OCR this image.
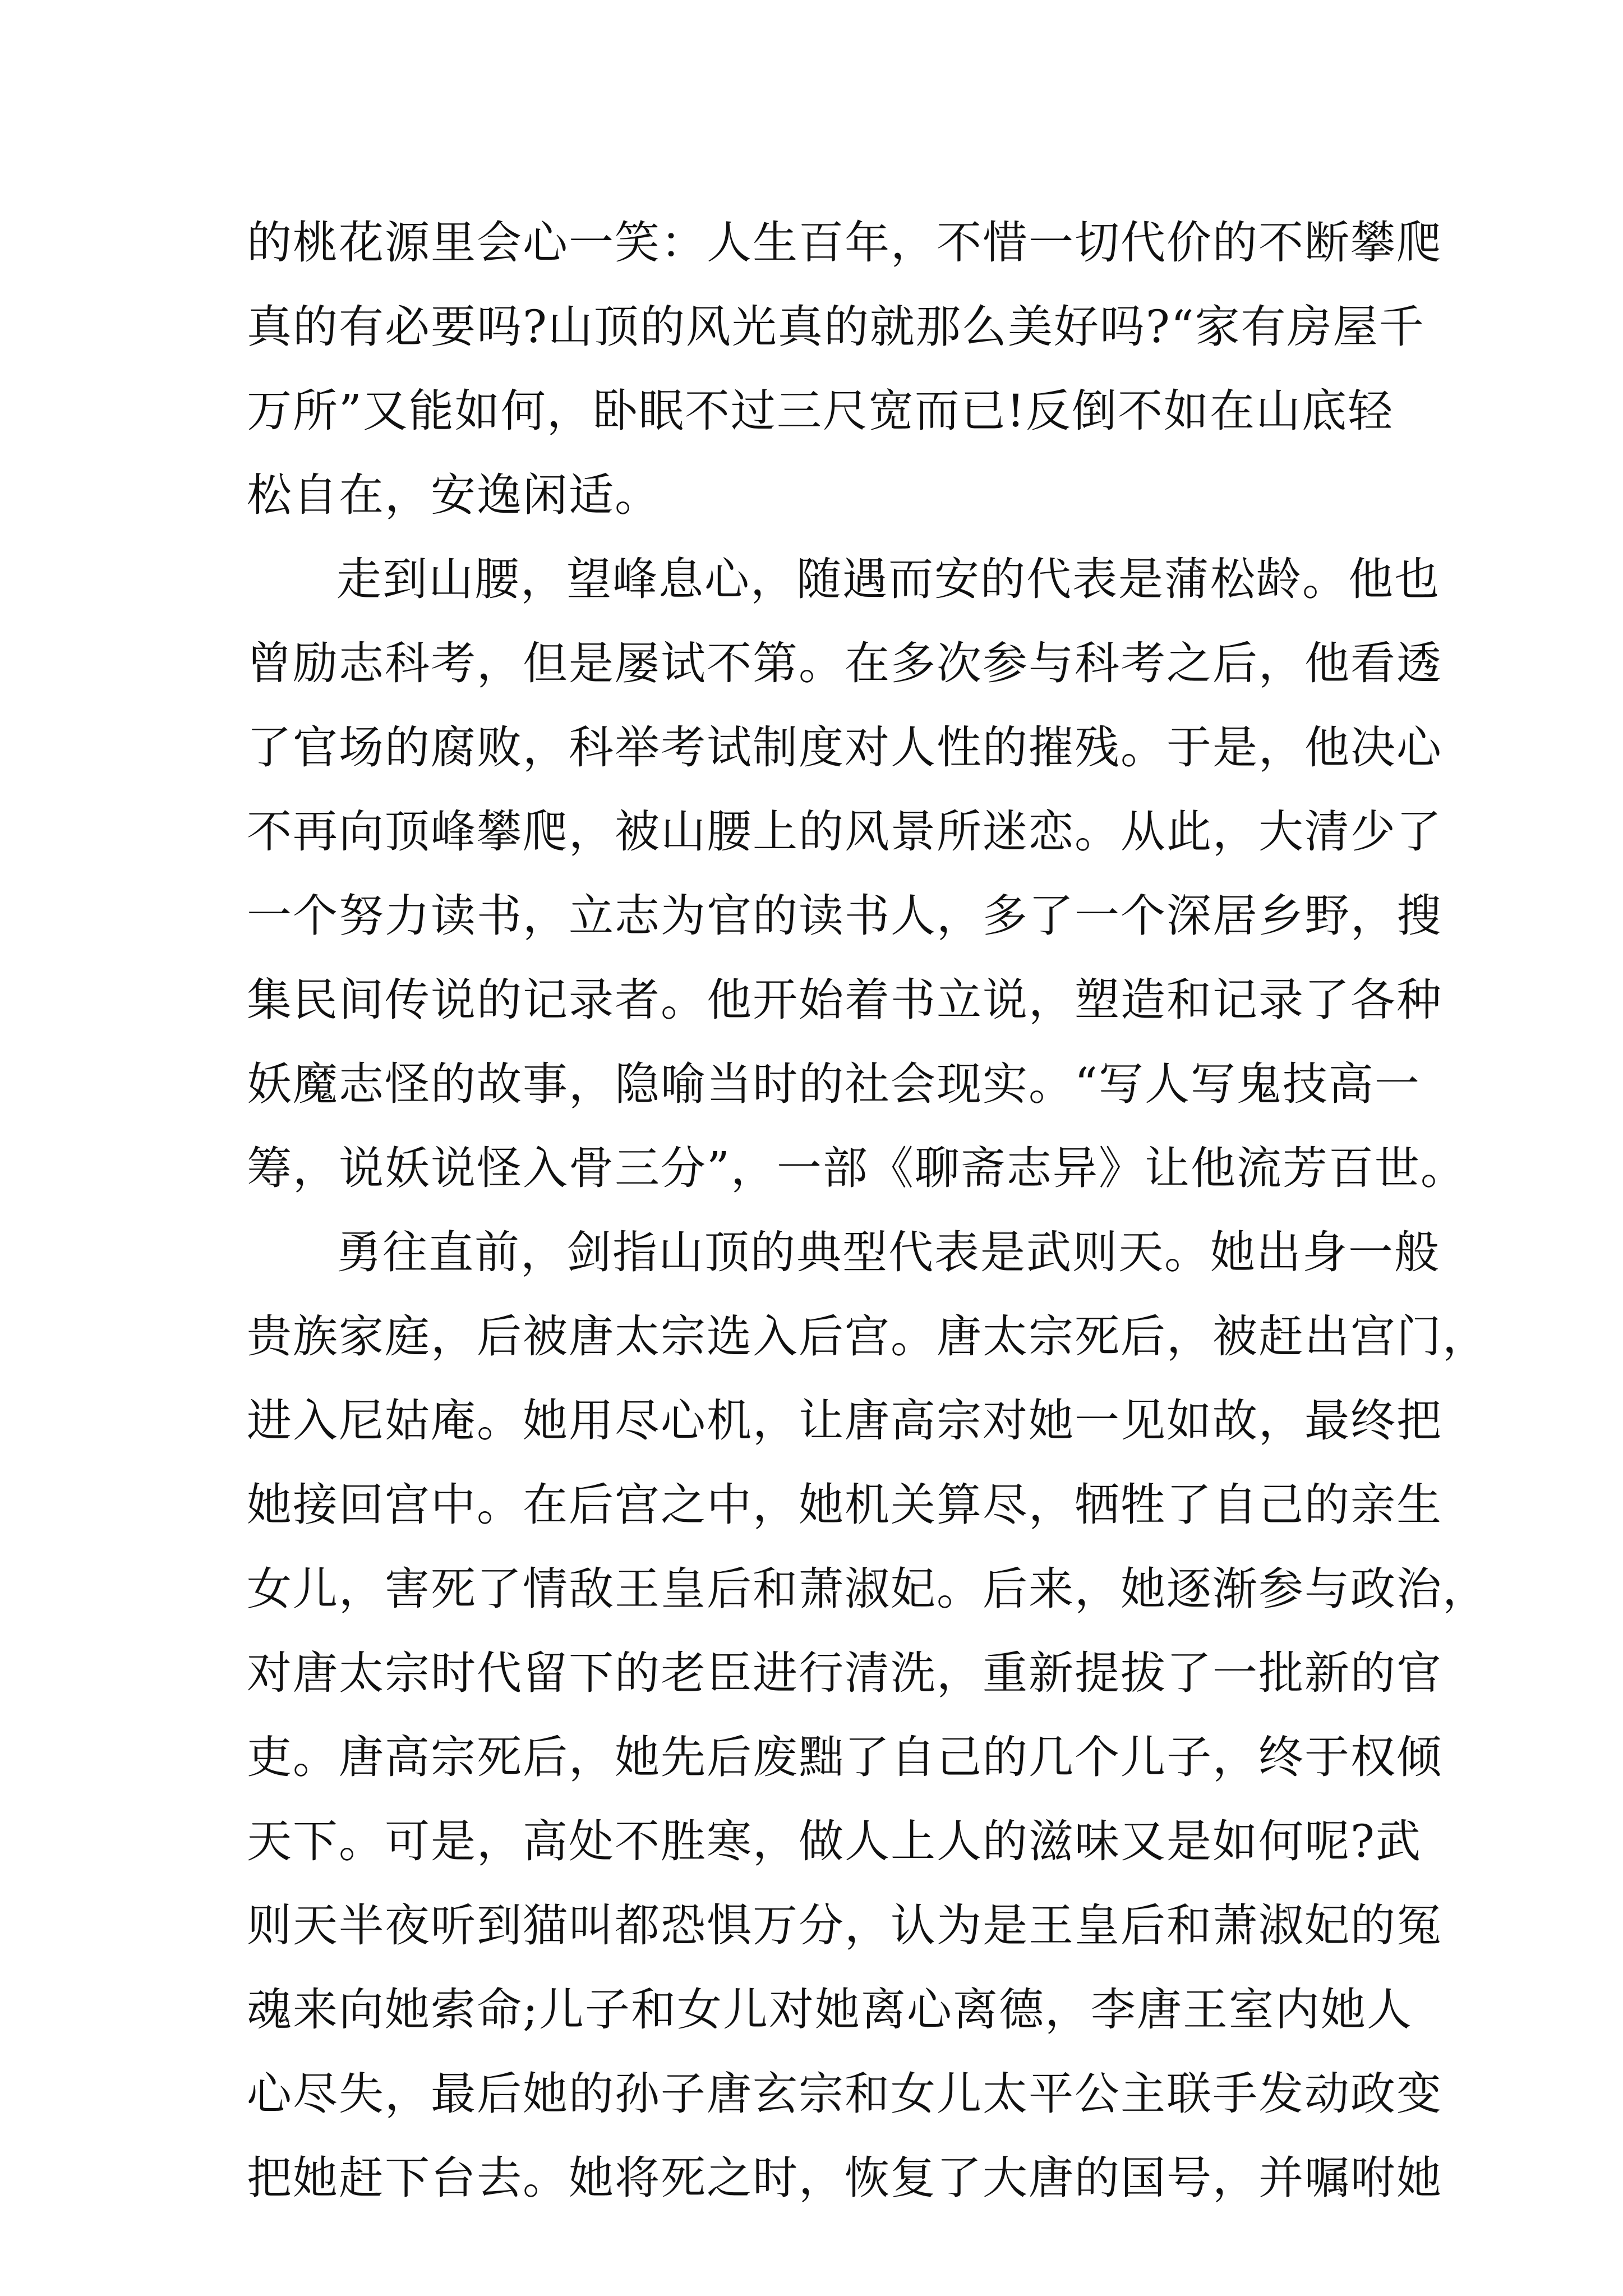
的桃花源里会心一笑：人生百年，不惜一切代价的不断攀爬
真的有必要吗?山顶的风光真的就那么美好吗?“家有房屋千
万所”又能如何，卧眠不过三尺宽而已!反倒不如在山底轻
松自在，安逸闲适。
走到山腰，望峰息心，随遇而安的代表是蒲松龄。他也
曾励志科考，但是屡试不第。在多次参与科考之后，他看透
了官场的腐败，科举考试制度对人性的摧残。于是，他决心
不再向顶峰攀爬，被山腰上的风景所迷恋。从此，大清少了
一个努力读书，立志为官的读书人，多了一个深居乡野，搜
集民间传说的记录者。他开始着书立说，塑造和记录了各种
妖魔志怪的故事，隐喻当时的社会现实。“写人写鬼技高一
筹，说妖说怪入骨三分”，一部《聊斋志异》让他流芳百世。
勇往直前，剑指山顶的典型代表是武则天。她出身一般
贵族家庭，后被唐太宗选入后宫。唐太宗死后，被赶出宫门，
进入尼姑庵。她用尽心机，让唐高宗对她一见如故，最终把
她接回宫中。在后宫之中，她机关算尽，牺牲了自己的亲生
女儿，害死了情敌王皇后和萧淑妃。后来，她逐渐参与政治，
对唐太宗时代留下的老臣进行清洗，重新提拔了一批新的官
吏。唐高宗死后，她先后废黜了自己的几个儿子，终于权倾
天下。可是，高处不胜寒，做人上人的滋味又是如何呢?武
则天半夜听到猫叫都恐惧万分，认为是王皇后和萧淑妃的冤
魂来向她索命;儿子和女儿对她离心离德，李唐王室内她人
心尽失，最后她的孙子唐玄宗和女儿太平公主联手发动政变
把她赶下台去。她将死之时，恢复了大唐的国号，并嘱咐她
